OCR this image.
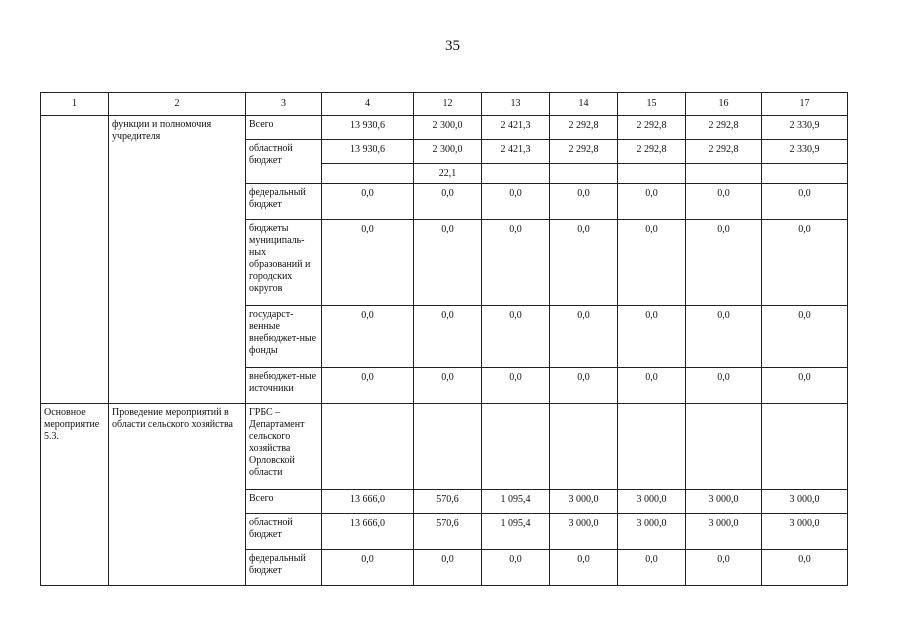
35
1	2	3	4	12	13	14	15	16	17
	функции и полномочия учредителя	Всего	13 930,6	2 300,0	2 421,3	2 292,8	2 292,8	2 292,8	2 330,9
		областной бюджет	13 930,6	2 300,0	2 421,3	2 292,8	2 292,8	2 292,8	2 330,9
				22,1					
		федеральный бюджет	0,0	0,0	0,0	0,0	0,0	0,0	0,0
		бюджеты муниципаль-ных образований и городских округов	0,0	0,0	0,0	0,0	0,0	0,0	0,0
		государст-венные внебюджет-ные фонды	0,0	0,0	0,0	0,0	0,0	0,0	0,0
		внебюджет-ные источники	0,0	0,0	0,0	0,0	0,0	0,0	0,0
Основное мероприятие 5.3.	Проведение мероприятий в области сельского хозяйства	ГРБС – Департамент сельского хозяйства Орловской области							
		Всего	13 666,0	570,6	1 095,4	3 000,0	3 000,0	3 000,0	3 000,0
		областной бюджет	13 666,0	570,6	1 095,4	3 000,0	3 000,0	3 000,0	3 000,0
		федеральный бюджет	0,0	0,0	0,0	0,0	0,0	0,0	0,0
